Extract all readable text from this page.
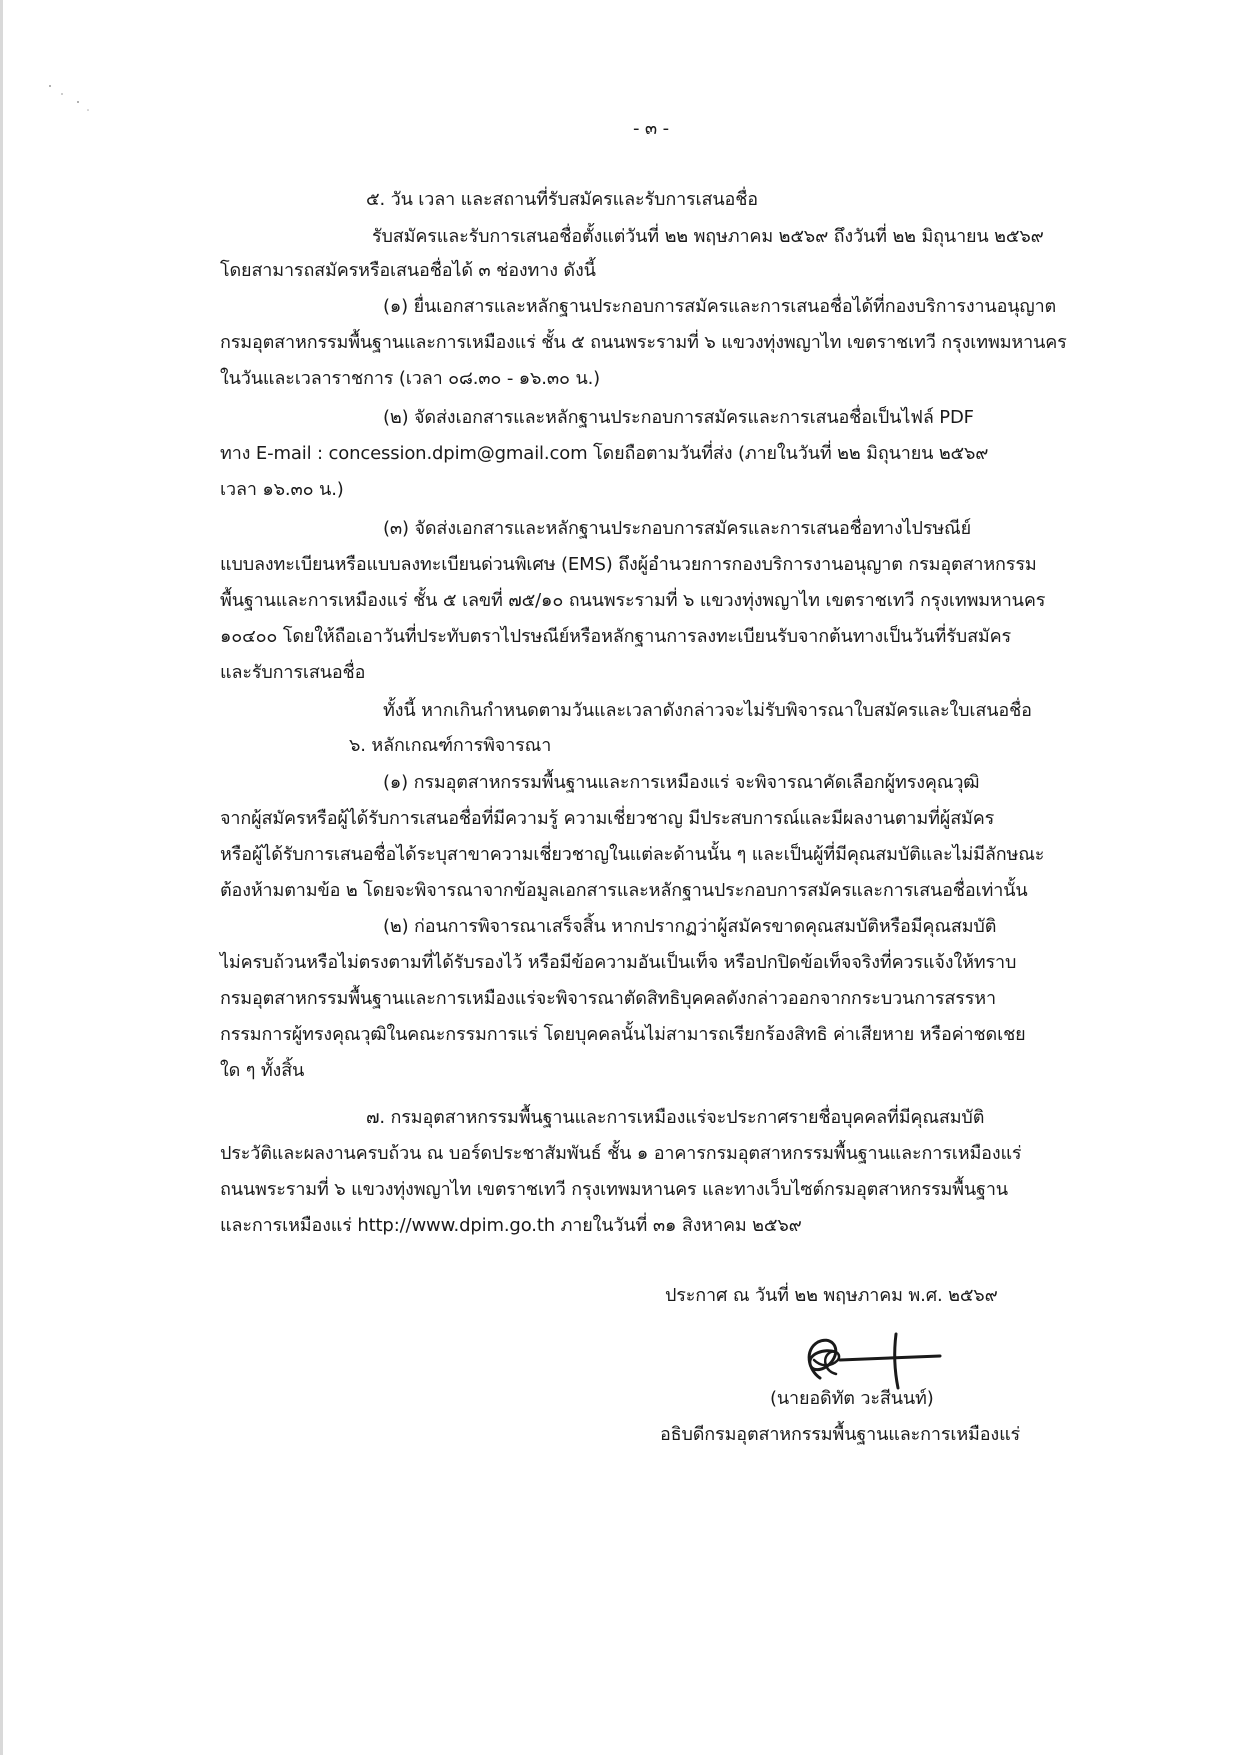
- ๓ -
๕. วัน เวลา และสถานที่รับสมัครและรับการเสนอชื่อ
รับสมัครและรับการเสนอชื่อตั้งแต่วันที่ ๒๒ พฤษภาคม ๒๕๖๙ ถึงวันที่ ๒๒ มิถุนายน ๒๕๖๙
โดยสามารถสมัครหรือเสนอชื่อได้ ๓ ช่องทาง ดังนี้
(๑) ยื่นเอกสารและหลักฐานประกอบการสมัครและการเสนอชื่อได้ที่กองบริการงานอนุญาต
กรมอุตสาหกรรมพื้นฐานและการเหมืองแร่ ชั้น ๕ ถนนพระรามที่ ๖ แขวงทุ่งพญาไท เขตราชเทวี กรุงเทพมหานคร
ในวันและเวลาราชการ (เวลา ๐๘.๓๐ - ๑๖.๓๐ น.)
(๒) จัดส่งเอกสารและหลักฐานประกอบการสมัครและการเสนอชื่อเป็นไฟล์ PDF
ทาง E-mail : concession.dpim@gmail.com โดยถือตามวันที่ส่ง (ภายในวันที่ ๒๒ มิถุนายน ๒๕๖๙
เวลา ๑๖.๓๐ น.)
(๓) จัดส่งเอกสารและหลักฐานประกอบการสมัครและการเสนอชื่อทางไปรษณีย์
แบบลงทะเบียนหรือแบบลงทะเบียนด่วนพิเศษ (EMS) ถึงผู้อำนวยการกองบริการงานอนุญาต กรมอุตสาหกรรม
พื้นฐานและการเหมืองแร่ ชั้น ๕ เลขที่ ๗๕/๑๐ ถนนพระรามที่ ๖ แขวงทุ่งพญาไท เขตราชเทวี กรุงเทพมหานคร
๑๐๔๐๐ โดยให้ถือเอาวันที่ประทับตราไปรษณีย์หรือหลักฐานการลงทะเบียนรับจากต้นทางเป็นวันที่รับสมัคร
และรับการเสนอชื่อ
ทั้งนี้ หากเกินกำหนดตามวันและเวลาดังกล่าวจะไม่รับพิจารณาใบสมัครและใบเสนอชื่อ
๖. หลักเกณฑ์การพิจารณา
(๑) กรมอุตสาหกรรมพื้นฐานและการเหมืองแร่ จะพิจารณาคัดเลือกผู้ทรงคุณวุฒิ
จากผู้สมัครหรือผู้ได้รับการเสนอชื่อที่มีความรู้ ความเชี่ยวชาญ มีประสบการณ์และมีผลงานตามที่ผู้สมัคร
หรือผู้ได้รับการเสนอชื่อได้ระบุสาขาความเชี่ยวชาญในแต่ละด้านนั้น ๆ และเป็นผู้ที่มีคุณสมบัติและไม่มีลักษณะ
ต้องห้ามตามข้อ ๒ โดยจะพิจารณาจากข้อมูลเอกสารและหลักฐานประกอบการสมัครและการเสนอชื่อเท่านั้น
(๒) ก่อนการพิจารณาเสร็จสิ้น หากปรากฏว่าผู้สมัครขาดคุณสมบัติหรือมีคุณสมบัติ
ไม่ครบถ้วนหรือไม่ตรงตามที่ได้รับรองไว้ หรือมีข้อความอันเป็นเท็จ หรือปกปิดข้อเท็จจริงที่ควรแจ้งให้ทราบ
กรมอุตสาหกรรมพื้นฐานและการเหมืองแร่จะพิจารณาตัดสิทธิบุคคลดังกล่าวออกจากกระบวนการสรรหา
กรรมการผู้ทรงคุณวุฒิในคณะกรรมการแร่ โดยบุคคลนั้นไม่สามารถเรียกร้องสิทธิ ค่าเสียหาย หรือค่าชดเชย
ใด ๆ ทั้งสิ้น
๗. กรมอุตสาหกรรมพื้นฐานและการเหมืองแร่จะประกาศรายชื่อบุคคลที่มีคุณสมบัติ
ประวัติและผลงานครบถ้วน ณ บอร์ดประชาสัมพันธ์ ชั้น ๑ อาคารกรมอุตสาหกรรมพื้นฐานและการเหมืองแร่
ถนนพระรามที่ ๖ แขวงทุ่งพญาไท เขตราชเทวี กรุงเทพมหานคร และทางเว็บไซต์กรมอุตสาหกรรมพื้นฐาน
และการเหมืองแร่ http://www.dpim.go.th ภายในวันที่ ๓๑ สิงหาคม ๒๕๖๙
ประกาศ ณ วันที่ ๒๒ พฤษภาคม พ.ศ. ๒๕๖๙
(นายอดิทัต วะสีนนท์)
อธิบดีกรมอุตสาหกรรมพื้นฐานและการเหมืองแร่
